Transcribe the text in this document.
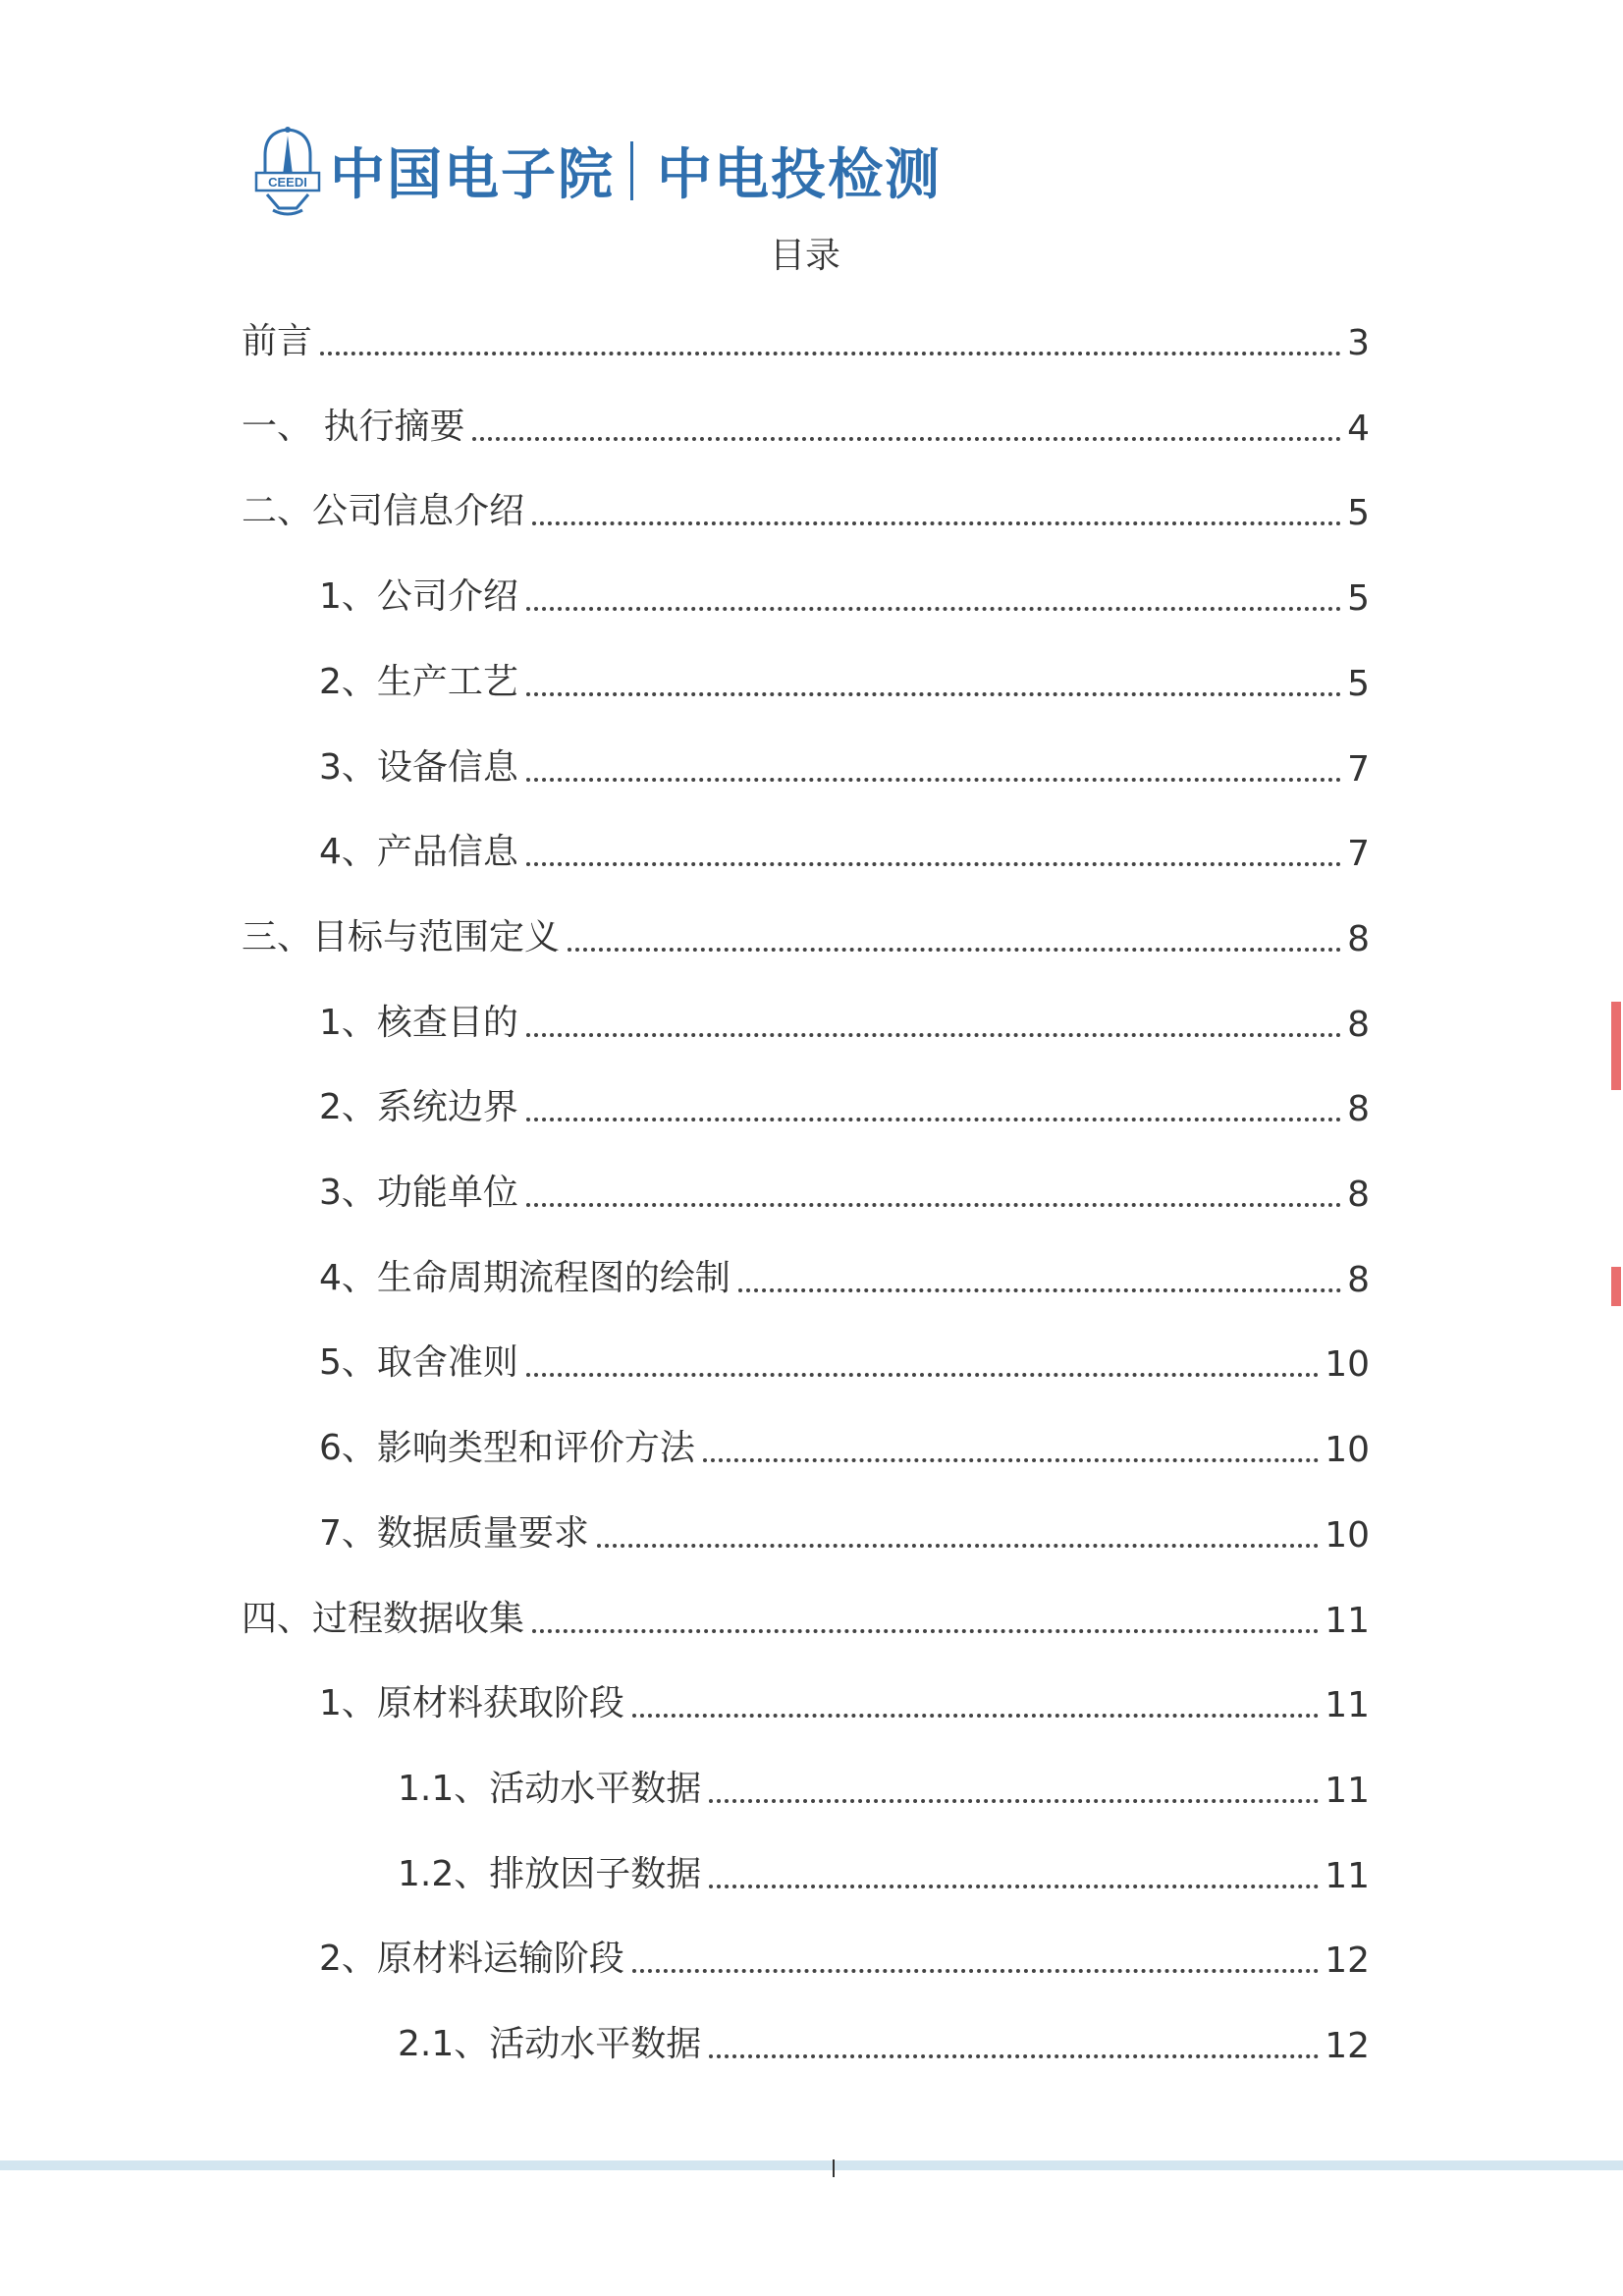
CEEDI 中国电子院 中电投检测
目录
前言	3
一、 执行摘要	4
二、公司信息介绍	5
1、公司介绍	5
2、生产工艺	5
3、设备信息	7
4、产品信息	7
三、目标与范围定义	8
1、核查目的	8
2、系统边界	8
3、功能单位	8
4、生命周期流程图的绘制	8
5、取舍准则	10
6、影响类型和评价方法	10
7、数据质量要求	10
四、过程数据收集	11
1、原材料获取阶段	11
1.1、活动水平数据	11
1.2、排放因子数据	11
2、原材料运输阶段	12
2.1、活动水平数据	12
